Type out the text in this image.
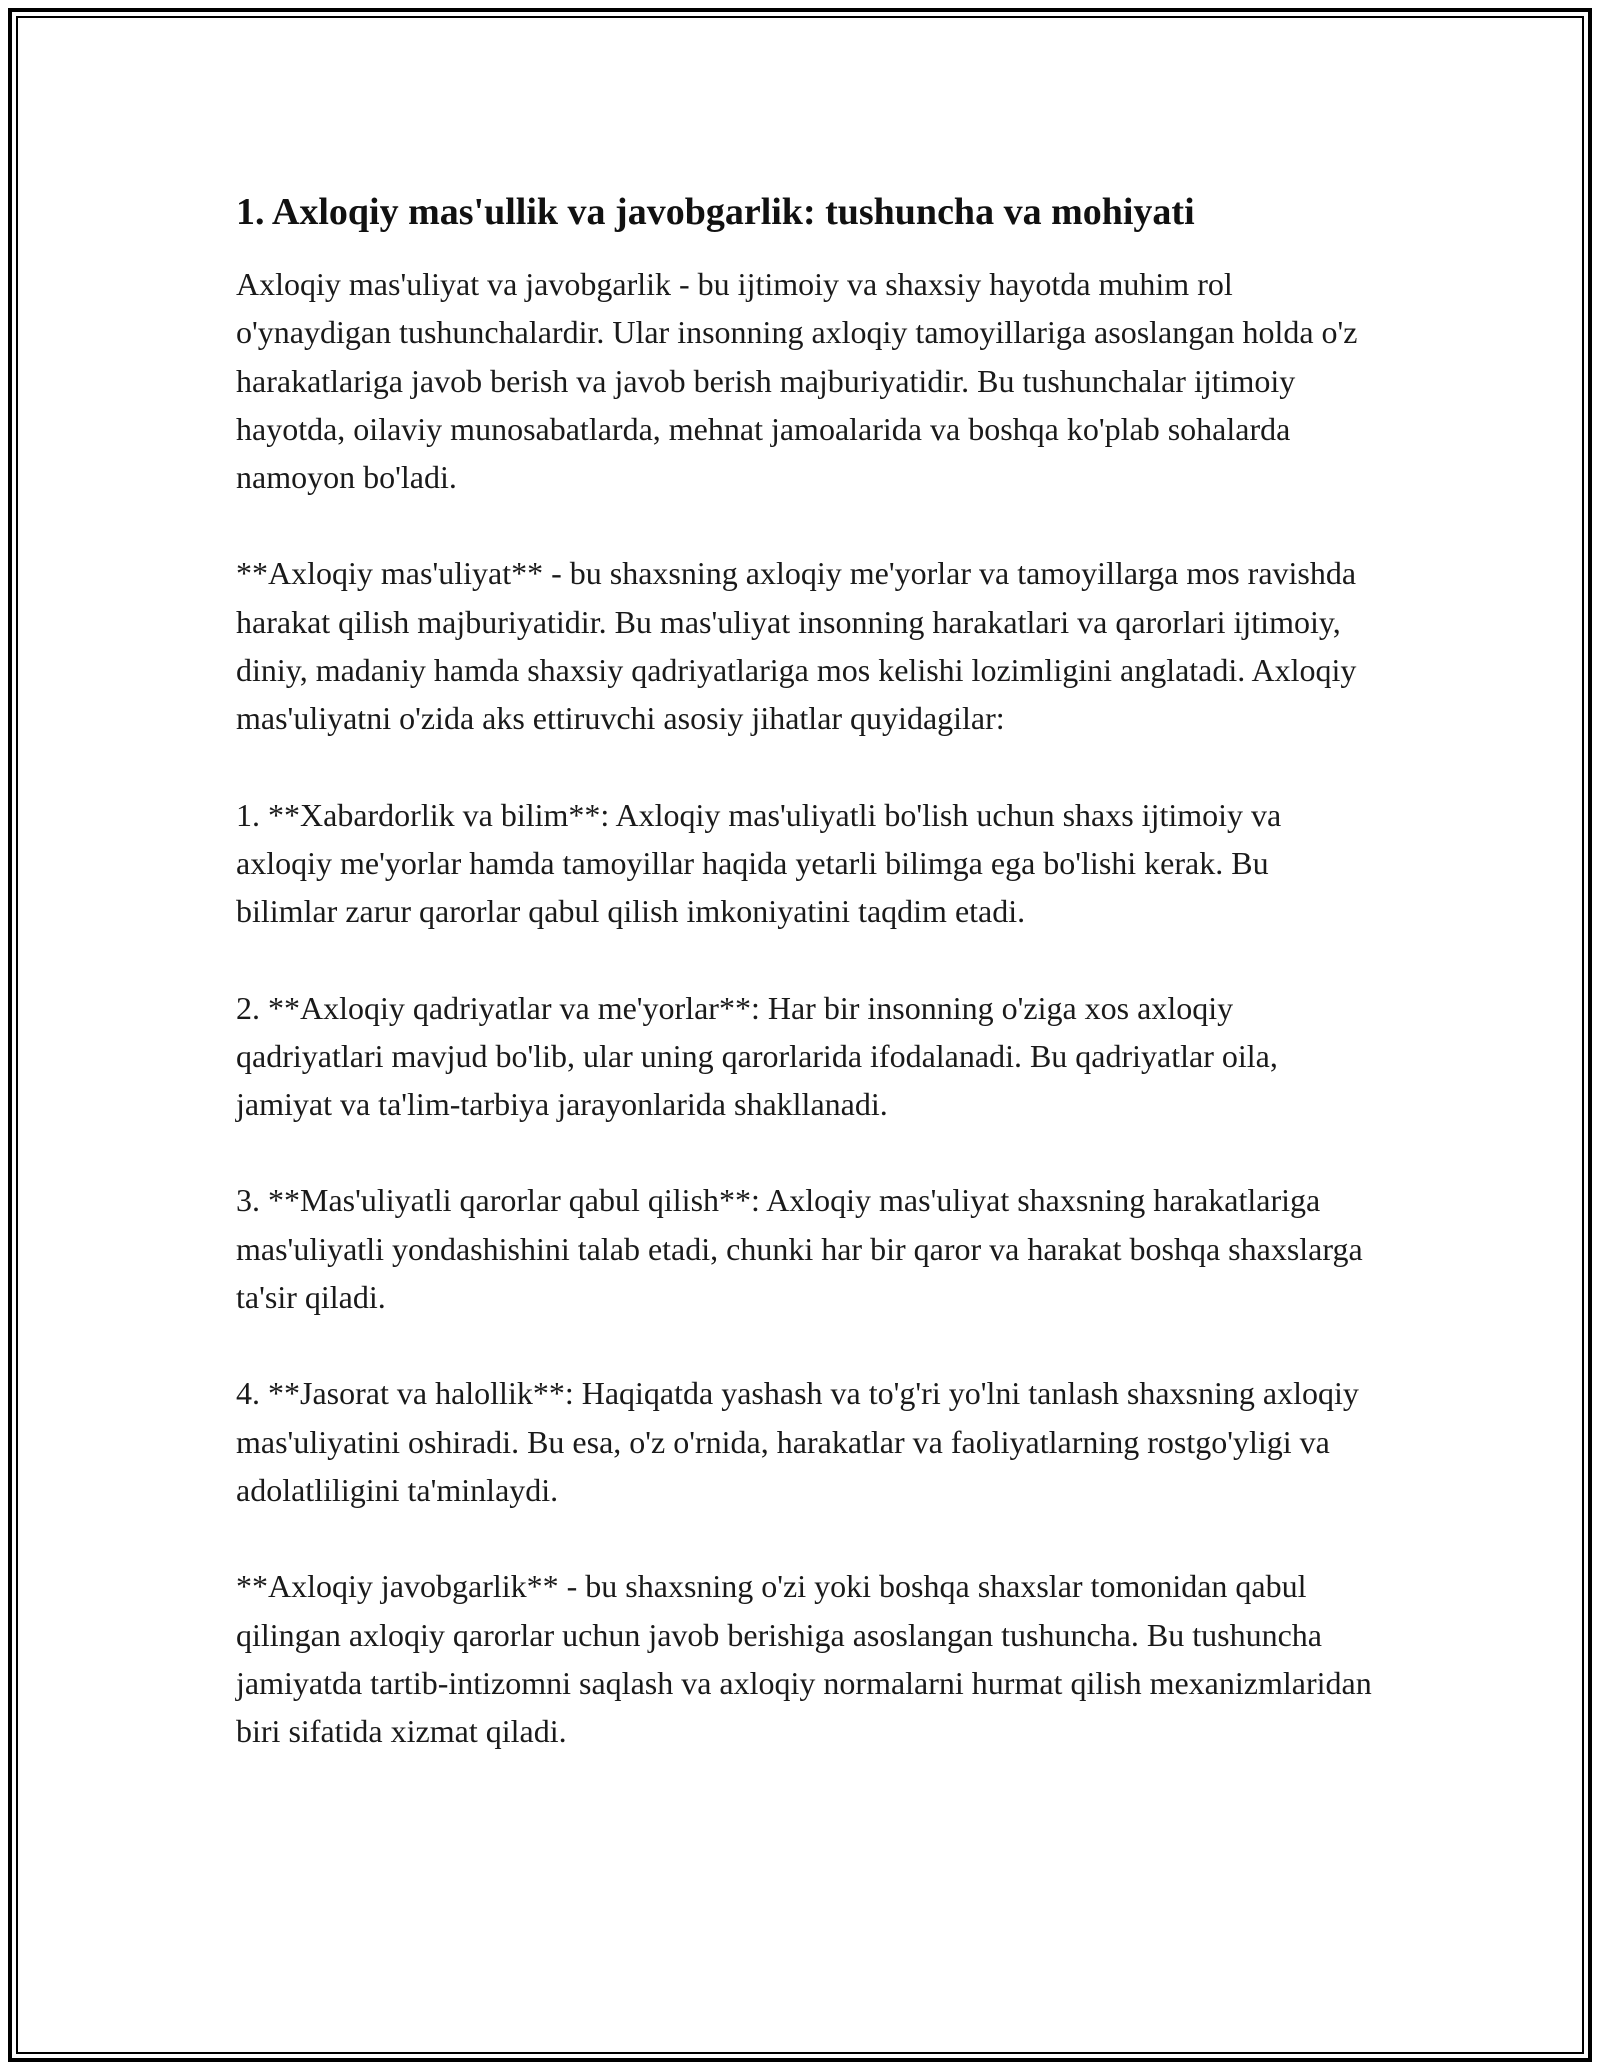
1. Axloqiy mas'ullik va javobgarlik: tushuncha va mohiyati

Axloqiy mas'uliyat va javobgarlik - bu ijtimoiy va shaxsiy hayotda muhim rol o'ynaydigan tushunchalardir. Ular insonning axloqiy tamoyillariga asoslangan holda o'z harakatlariga javob berish va javob berish majburiyatidir. Bu tushunchalar ijtimoiy hayotda, oilaviy munosabatlarda, mehnat jamoalarida va boshqa ko'plab sohalarda namoyon bo'ladi.

**Axloqiy mas'uliyat** - bu shaxsning axloqiy me'yorlar va tamoyillarga mos ravishda harakat qilish majburiyatidir. Bu mas'uliyat insonning harakatlari va qarorlari ijtimoiy, diniy, madaniy hamda shaxsiy qadriyatlariga mos kelishi lozimligini anglatadi. Axloqiy mas'uliyatni o'zida aks ettiruvchi asosiy jihatlar quyidagilar:

1. **Xabardorlik va bilim**: Axloqiy mas'uliyatli bo'lish uchun shaxs ijtimoiy va axloqiy me'yorlar hamda tamoyillar haqida yetarli bilimga ega bo'lishi kerak. Bu bilimlar zarur qarorlar qabul qilish imkoniyatini taqdim etadi.

2. **Axloqiy qadriyatlar va me'yorlar**: Har bir insonning o'ziga xos axloqiy qadriyatlari mavjud bo'lib, ular uning qarorlarida ifodalanadi. Bu qadriyatlar oila, jamiyat va ta'lim-tarbiya jarayonlarida shakllanadi.

3. **Mas'uliyatli qarorlar qabul qilish**: Axloqiy mas'uliyat shaxsning harakatlariga mas'uliyatli yondashishini talab etadi, chunki har bir qaror va harakat boshqa shaxslarga ta'sir qiladi.

4. **Jasorat va halollik**: Haqiqatda yashash va to'g'ri yo'lni tanlash shaxsning axloqiy mas'uliyatini oshiradi. Bu esa, o'z o'rnida, harakatlar va faoliyatlarning rostgo'yligi va adolatliligini ta'minlaydi.

**Axloqiy javobgarlik** - bu shaxsning o'zi yoki boshqa shaxslar tomonidan qabul qilingan axloqiy qarorlar uchun javob berishiga asoslangan tushuncha. Bu tushuncha jamiyatda tartib-intizomni saqlash va axloqiy normalarni hurmat qilish mexanizmlaridan biri sifatida xizmat qiladi.
